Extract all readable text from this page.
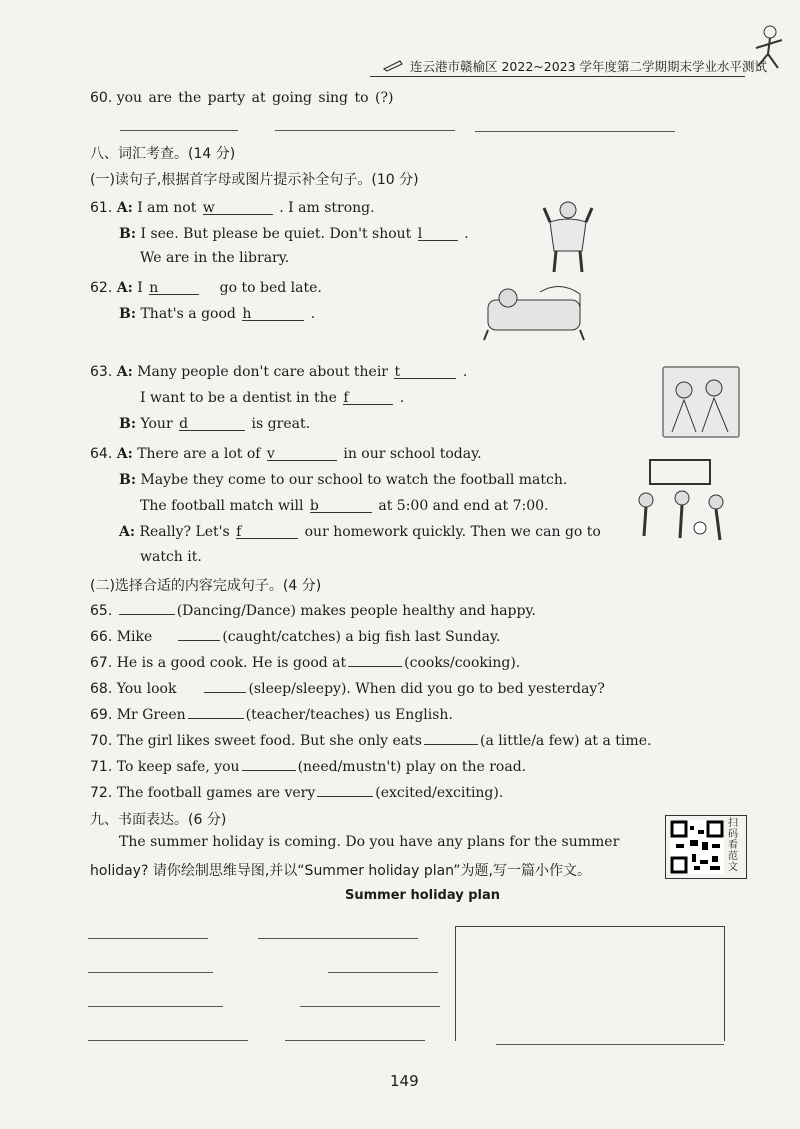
连云港市赣榆区 2022~2023 学年度第二学期期末学业水平测试
60. you are the party at going sing to (?)
八、词汇考查。(14 分)
(一)读句子,根据首字母或图片提示补全句子。(10 分)
61. A: I am not w	. I am strong.
B: I see. But please be quiet. Don't shout l	.
We are in the library.
62. A: I n	go to bed late.
B: That's a good h	.
63. A: Many people don't care about their t	.
I want to be a dentist in the f	.
B: Your d	is great.
64. A: There are a lot of v	in our school today.
B: Maybe they come to our school to watch the football match.
The football match will b	at 5:00 and end at 7:00.
A: Really? Let's f	our homework quickly. Then we can go to
watch it.
(二)选择合适的内容完成句子。(4 分)
65.	(Dancing/Dance) makes people healthy and happy.
66. Mike	(caught/catches) a big fish last Sunday.
67. He is a good cook. He is good at	(cooks/cooking).
68. You look	(sleep/sleepy). When did you go to bed yesterday?
69. Mr Green	(teacher/teaches) us English.
70. The girl likes sweet food. But she only eats	(a little/a few) at a time.
71. To keep safe, you	(need/mustn't) play on the road.
72. The football games are very	(excited/exciting).
九、书面表达。(6 分)
The summer holiday is coming. Do you have any plans for the summer
holiday? 请你绘制思维导图,并以“Summer holiday plan”为题,写一篇小作文。
扫码看范文
Summer holiday plan
149
